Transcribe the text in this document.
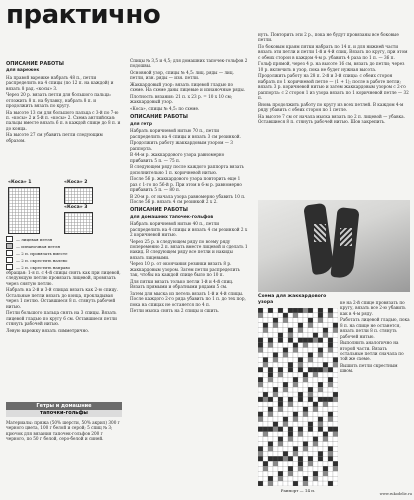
практично

ОПИСАНИЕ РАБОТЫ

для варежек

На правой варежке набрать 48 п., петли распределить на 4 спицы (по 12 п. на каждой) и вязать 8 рад. «косы» 3.

Через 20 р. вязать петли для большого пальца: отложить 8 п. на булавку, набрать 8 п. и продолжить вязать по кругу.

На высоте 13 см для большого пальца с 3-й по 7-ю п. «косы» 2 и 5-й п. «косы» 2. Схема английская: пальцы вместе вязать 6 п. в каждой спице до 8 п. и до конца.

На высоте 27 см убавить петли следующим образом.

«Коса» 1	«Коса» 2
«Коса» 3
— лицевая петля
— изнаночная петля
— 2 п. провязать вместе
— 2 п. скрестить налево
— 2 п. скрестить направо

обращая: 1-я п. с 4-й спицы снять как при лицевой, следующую петлю провязать лицевой, провязать через снятую петлю.

Набрать на 2-й и 3-й спицах вязать как 2-ю спицу. Остальные петли вязать до конца, прокладывая через 1 петлю. Оставшиеся 8 п. стянуть рабочей нитью.

Петли большого пальца снять на 3 спицы. Вязать лицевой гладью по кругу 6 см. Оставшиеся петли стянуть рабочей нитью.

Левую варежку вязать симметрично.

Гетры и домашние
тапочки-гольфы

Материалы: пряжа (50% шерсти, 50% акрил) 300 г черного цвета, 100 г белой и серой; 5 спиц № 3; крючок для вязания тапочек-гольфов 200 г черного, по 50 г белой, серо-белой и синей.

Спицы № 3,5 и 4,5; для домашних тапочек-гольфов 2 подошвы.

Основной узор, спицы № 4,5: лиц. ряды — лиц. петли, изн. ряды — изн. петли.

Жаккардовый узор: вязать лицевой гладью по схеме. На схеме даны лицевые и изнаночные ряды.

Плотность вязания: 21 п. х 23 р. = 10 х 10 см; жаккардовый узор.

«Коса», спицы № 4,5: по схеме.

ОПИСАНИЕ РАБОТЫ

для гетр

Набрать коричневой нитью 70 п., петли распределить на 4 спицы и вязать 3 см резинкой.

Продолжить работу жаккардовым узором — 3 раппорта.

В 44-м р. жаккардового узора равномерно прибавить 5 п. — 75 п.

В следующем ряду после каждого раппорта вязать дополнительно 1 п. коричневой нитью.

После 56 р. жаккардового узора повторить еще 1 раз с 1-го по 56-й р. При этом в 6-м р. равномерно прибавить 5 п. — 80 п.

В 20-м р. от начала узора равномерно убавить 10 п. После 56 р. вязать 4 см резинкой 2 х 2.

ОПИСАНИЕ РАБОТЫ

для домашних тапочек-гольфов

Набрать коричневой нитью 40 п., петли распределить на 4 спицы и вязать 4 см резинкой 2 х 2 коричневой нитью.

Через 25 р. в следующем ряду по всему ряду попеременно 2 п. вязать вместе лицевой и сделать 1 накид. В следующем ряду все петли и накиды вязать лицевыми.

Через 10 р. от окончания резинки вязать 8 р. жаккардовым узором. Затем петли распределить так, чтобы на каждой спице было по 10 п.

Для пятки вязать только петли 1-й и 4-й спиц. Вязать прямыми и обратными рядами 5 см.

Затем для мыска из петель вязать 1-й и 4-й спицы. После каждого 2-го ряда убавить по 1 п. до тех пор, пока на спицах не останется по 4 п.

Петли мыска снять на 2 спицы и сшить.

нуть. Повторить эти 2 р., пока не будут провязаны все боковые петли.

По боковым краям пятки набрать по 14 п. и для нижней части вязать эти петли и петли 1-й и 4-й спиц. Вязать по кругу, при этом с обеих сторон в каждом 4-м р. убавить 4 раза по 1 п. — 36 п.

Гольф прямой, через 4 р. на высоте 16 см, вязать до петли; через 10 р. включить в узор, пока не будет нужная высота.

Продолжить работу на 28 п. 2-й и 3-й спицы: с обеих сторон набрать по 1 коричневой петле — (1 + 1); после в работе петли; вязать 3 р. коричневой нитью и затем жаккардовым узором с 2-го раппорта: с 2 сторон 1 из узора вязать по 1 коричневой петле — 32 п.

Вновь продолжить работу по кругу из всех петлей. В каждом 4-м ряду убавить с обеих сторон по 1 петле.

На высоте 7 см от начала мыска вязать по 2 п. лицевой — убавка. Оставшиеся 8 п. стянуть рабочей нитью. Шов закрепить.

Схема для жаккардового узора
Раппорт — 14 п.

ке на 2-й спице провязать по кругу, вязать все 2-ю убавить как в 4-м ряду.

Работать лицевой гладью, пока 8 п. на спице не останется, вязать петли 8 п. стянуть рабочей нитью.

Выполнить аналогично на второй части. Вязать остальные петли сначала по той же схеме.

Вышить петли скрестным швом.

www.rukodelie.ru
